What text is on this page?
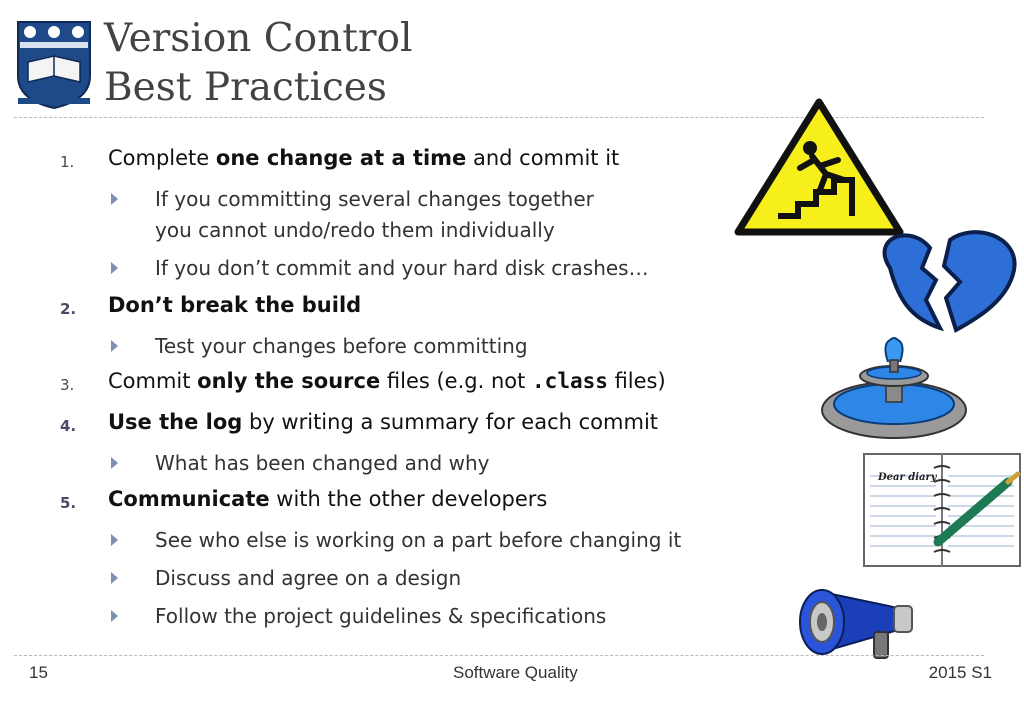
Version Control
Best Practices
1. Complete one change at a time and commit it
If you committing several changes together
you cannot undo/redo them individually
If you don’t commit and your hard disk crashes…
2. Don’t break the build
Test your changes before committing
3. Commit only the source files (e.g. not .class files)
4. Use the log by writing a summary for each commit
What has been changed and why
5. Communicate with the other developers
See who else is working on a part before changing it
Discuss and agree on a design
Follow the project guidelines & specifications
Dear diary
15	Software Quality	2015 S1
